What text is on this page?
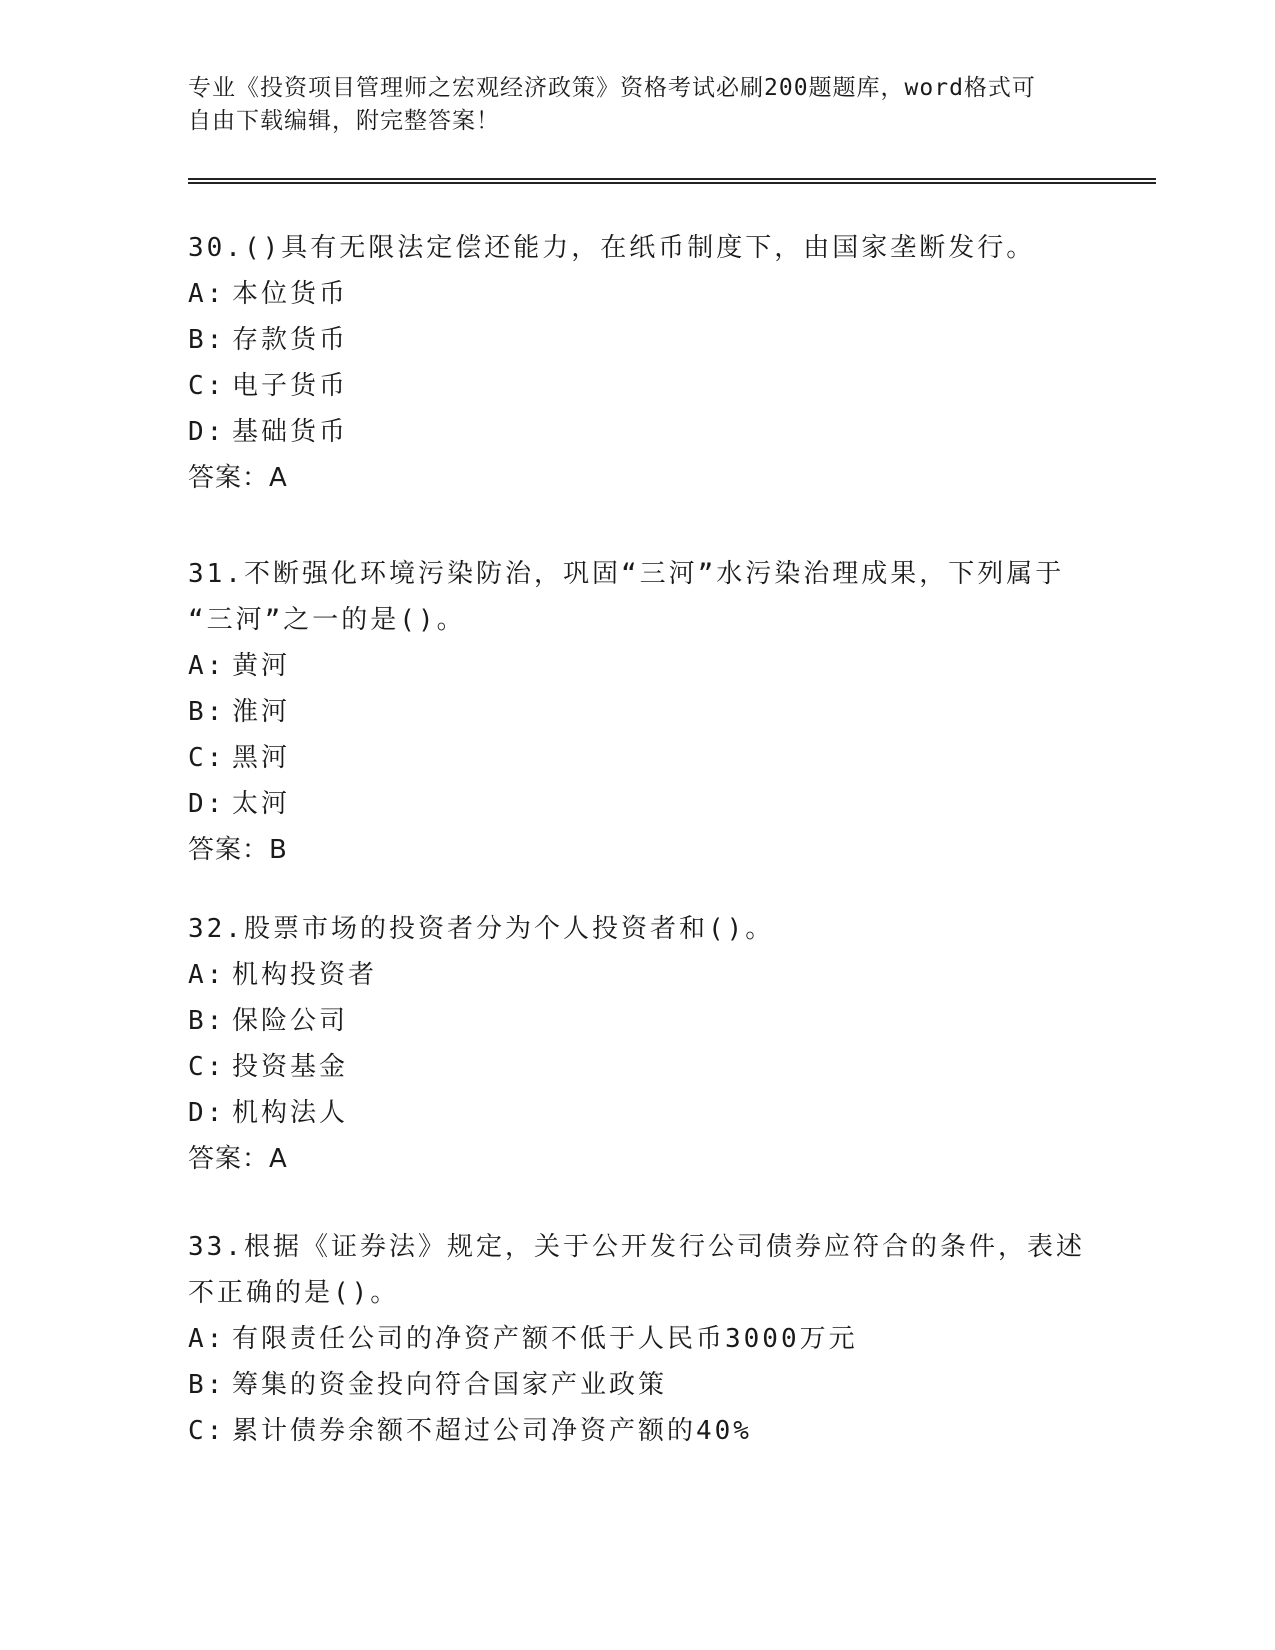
专业《投资项目管理师之宏观经济政策》资格考试必刷200题题库，word格式可
自由下载编辑，附完整答案！
30.()具有无限法定偿还能力，在纸币制度下，由国家垄断发行。
A: 本位货币
B: 存款货币
C: 电子货币
D: 基础货币
答案：A
31.不断强化环境污染防治，巩固“三河”水污染治理成果，下列属于
“三河”之一的是()。
A: 黄河
B: 淮河
C: 黑河
D: 太河
答案：B
32.股票市场的投资者分为个人投资者和()。
A: 机构投资者
B: 保险公司
C: 投资基金
D: 机构法人
答案：A
33.根据《证券法》规定，关于公开发行公司债券应符合的条件，表述
不正确的是()。
A: 有限责任公司的净资产额不低于人民币3000万元
B: 筹集的资金投向符合国家产业政策
C: 累计债券余额不超过公司净资产额的40%
